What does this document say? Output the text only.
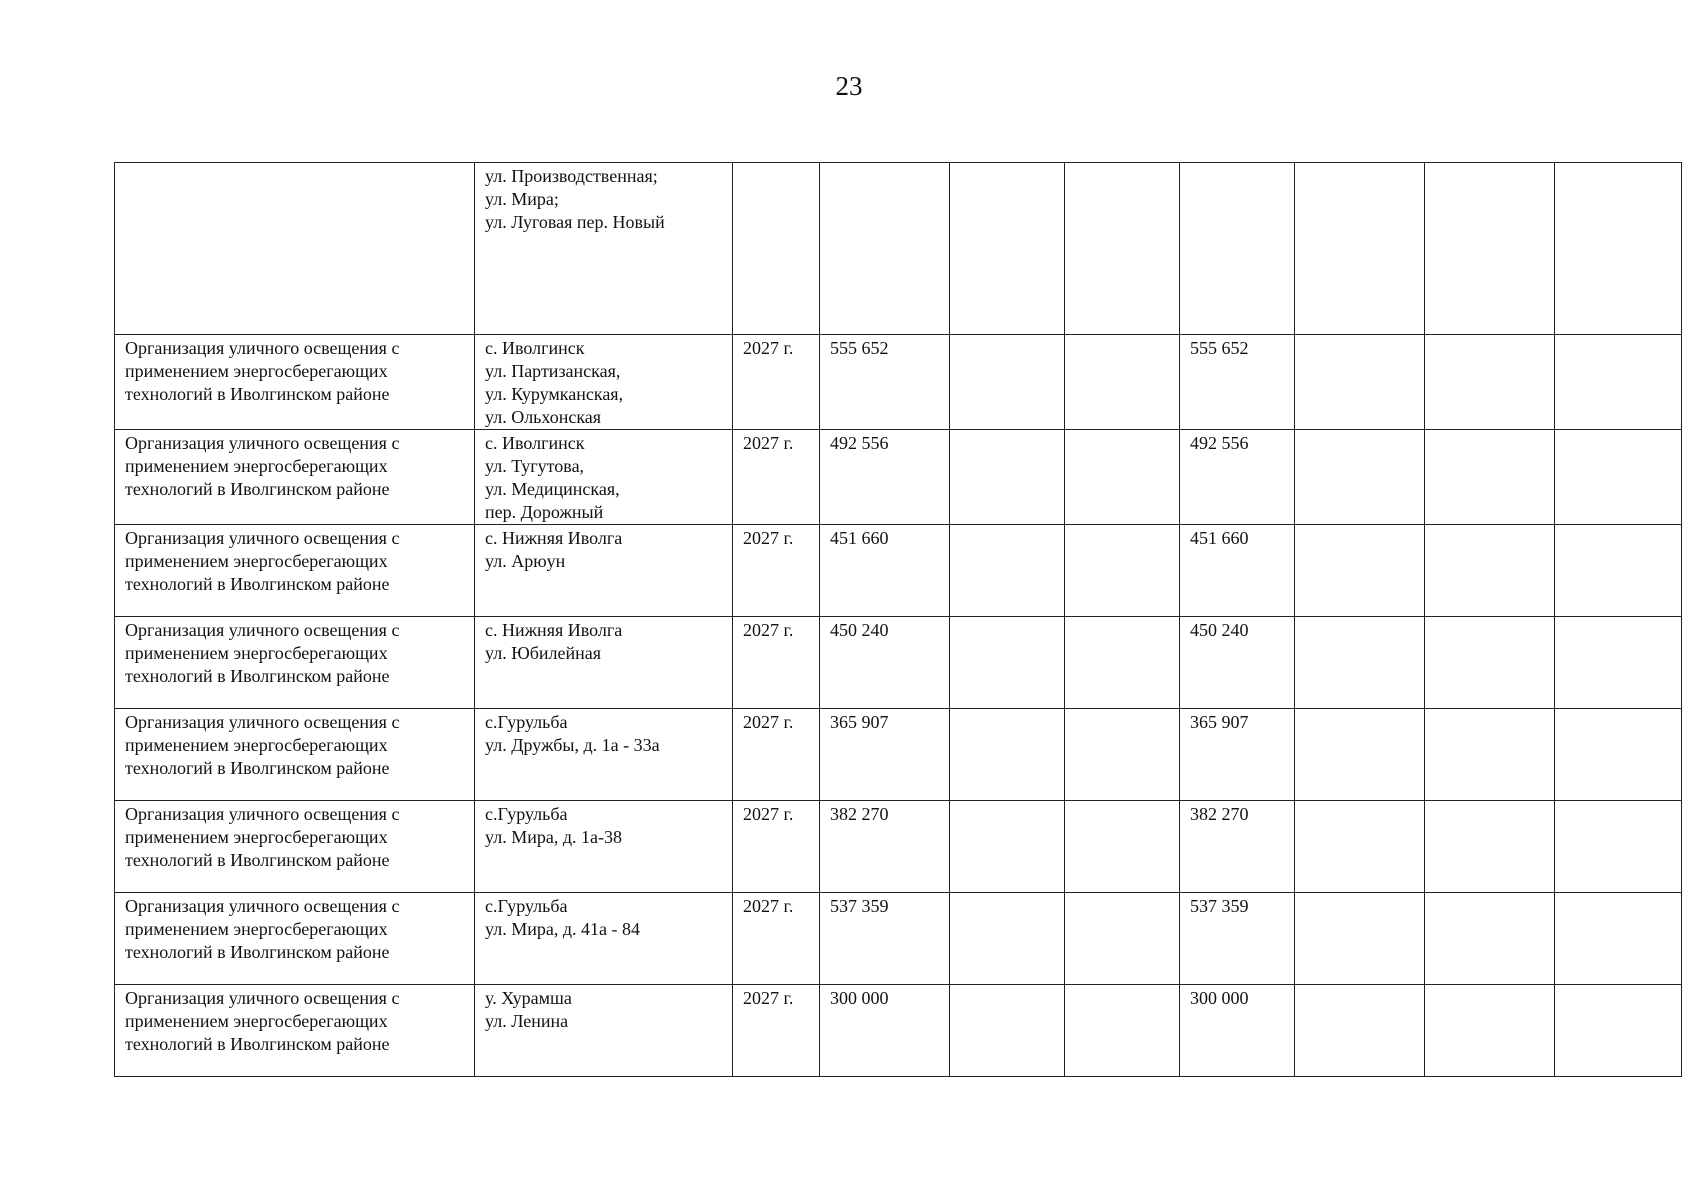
23

	ул. Производственная;
ул. Мира;
ул. Луговая пер. Новый								

Организация уличного освещения с применением энергосберегающих технологий в Иволгинском районе	с. Иволгинск
ул. Партизанская,
ул. Курумканская,
ул. Ольхонская	2027 г.	555 652			555 652			
Организация уличного освещения с применением энергосберегающих технологий в Иволгинском районе	с. Иволгинск
ул. Тугутова,
ул. Медицинская,
пер. Дорожный	2027 г.	492 556			492 556			
Организация уличного освещения с применением энергосберегающих технологий в Иволгинском районе	с. Нижняя Иволга
ул. Арюун	2027 г.	451 660			451 660			
Организация уличного освещения с применением энергосберегающих технологий в Иволгинском районе	с. Нижняя Иволга
ул. Юбилейная	2027 г.	450 240			450 240			
Организация уличного освещения с применением энергосберегающих технологий в Иволгинском районе	с.Гурульба
ул. Дружбы, д. 1а - 33а	2027 г.	365 907			365 907			
Организация уличного освещения с применением энергосберегающих технологий в Иволгинском районе	с.Гурульба
ул. Мира, д. 1а-38	2027 г.	382 270			382 270			
Организация уличного освещения с применением энергосберегающих технологий в Иволгинском районе	с.Гурульба
ул. Мира, д. 41а - 84	2027 г.	537 359			537 359			
Организация уличного освещения с применением энергосберегающих технологий в Иволгинском районе	у. Хурамша
ул. Ленина	2027 г.	300 000			300 000			
